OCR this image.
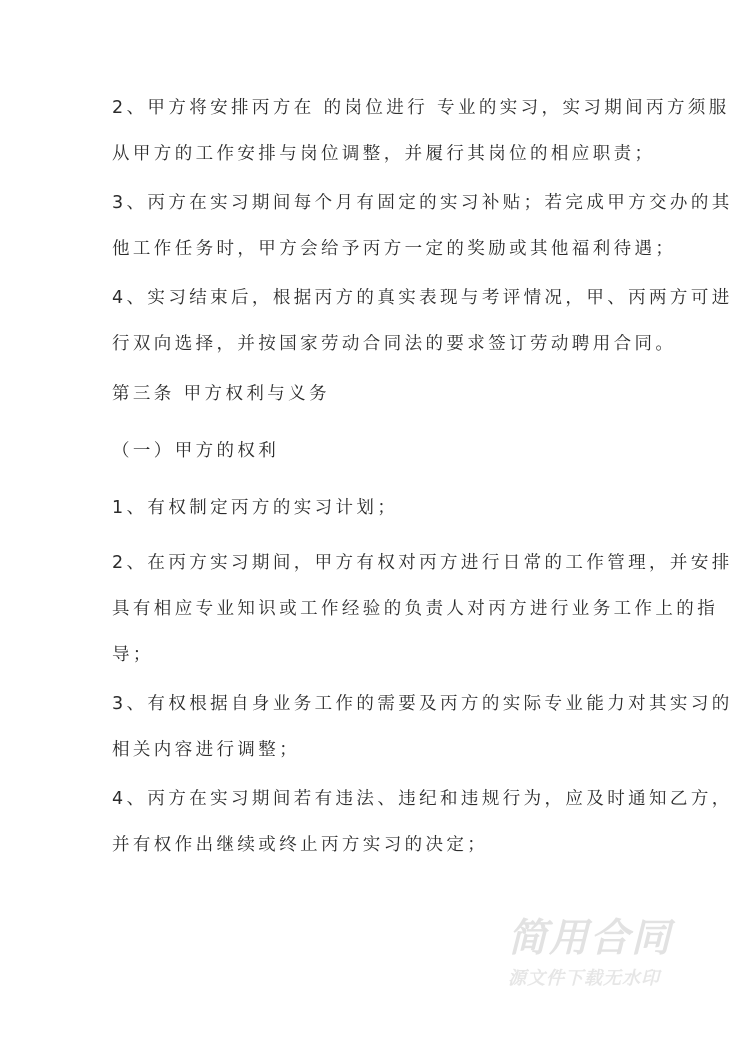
2、甲方将安排丙方在 的岗位进行 专业的实习，实习期间丙方须服
从甲方的工作安排与岗位调整，并履行其岗位的相应职责；
3、丙方在实习期间每个月有固定的实习补贴；若完成甲方交办的其
他工作任务时，甲方会给予丙方一定的奖励或其他福利待遇；
4、实习结束后，根据丙方的真实表现与考评情况，甲、丙两方可进
行双向选择，并按国家劳动合同法的要求签订劳动聘用合同。
第三条 甲方权利与义务
（一）甲方的权利
1、有权制定丙方的实习计划；
2、在丙方实习期间，甲方有权对丙方进行日常的工作管理，并安排
具有相应专业知识或工作经验的负责人对丙方进行业务工作上的指
导；
3、有权根据自身业务工作的需要及丙方的实际专业能力对其实习的
相关内容进行调整；
4、丙方在实习期间若有违法、违纪和违规行为，应及时通知乙方，
并有权作出继续或终止丙方实习的决定；
简用合同
源文件下载无水印
